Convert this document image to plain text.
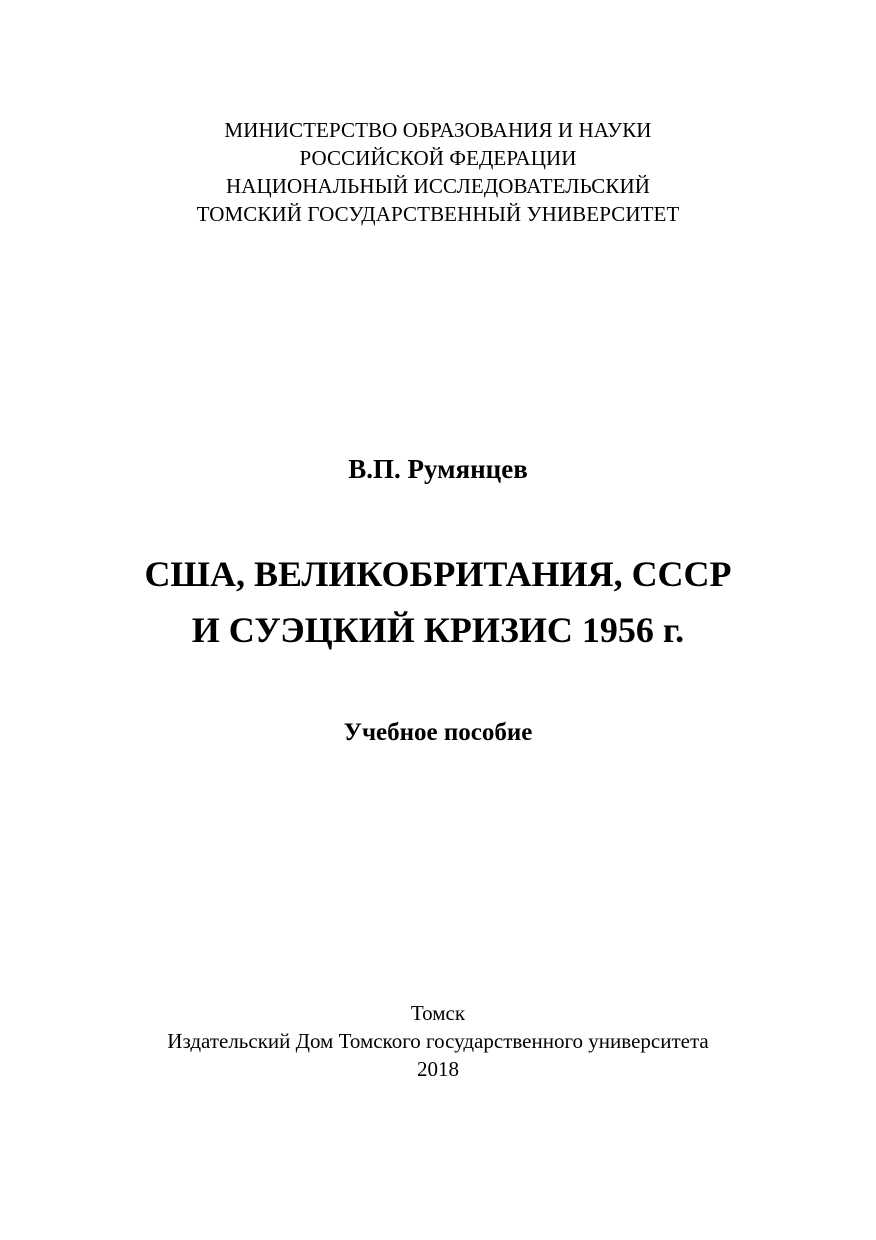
МИНИСТЕРСТВО ОБРАЗОВАНИЯ И НАУКИ
РОССИЙСКОЙ ФЕДЕРАЦИИ
НАЦИОНАЛЬНЫЙ ИССЛЕДОВАТЕЛЬСКИЙ
ТОМСКИЙ ГОСУДАРСТВЕННЫЙ УНИВЕРСИТЕТ
В.П. Румянцев
США, ВЕЛИКОБРИТАНИЯ, СССР
И СУЭЦКИЙ КРИЗИС 1956 г.
Учебное пособие
Томск
Издательский Дом Томского государственного университета
2018
